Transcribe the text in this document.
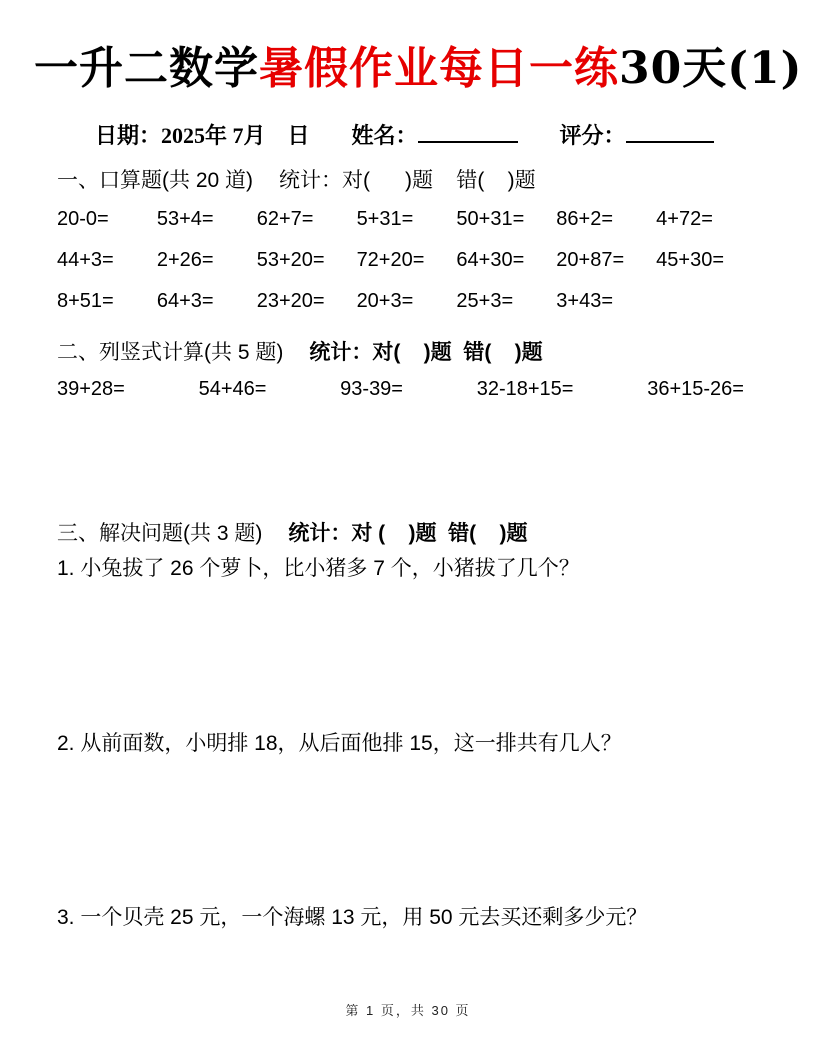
一升二数学暑假作业每日一练30天(1)
日期：2025年 7月    日 姓名：	评分：
一、口算题(共 20 道) 统计：对(      )题    错(    )题
20-0=	53+4=	62+7=	5+31=	50+31=	86+2=	4+72=
44+3=	2+26=	53+20=	72+20=	64+30=	20+87=	45+30=
8+51=	64+3=	23+20=	20+3=	25+3=	3+43=
二、列竖式计算(共 5 题) 统计：对(    )题  错(    )题
39+28=	54+46=	93-39=	32-18+15=	36+15-26=
三、解决问题(共 3 题) 统计：对 (    )题  错(    )题
1. 小兔拔了 26 个萝卜，比小猪多 7 个，小猪拔了几个？
2. 从前面数，小明排 18，从后面他排 15，这一排共有几人？
3. 一个贝壳 25 元，一个海螺 13 元，用 50 元去买还剩多少元？
第 1 页，共 30 页
